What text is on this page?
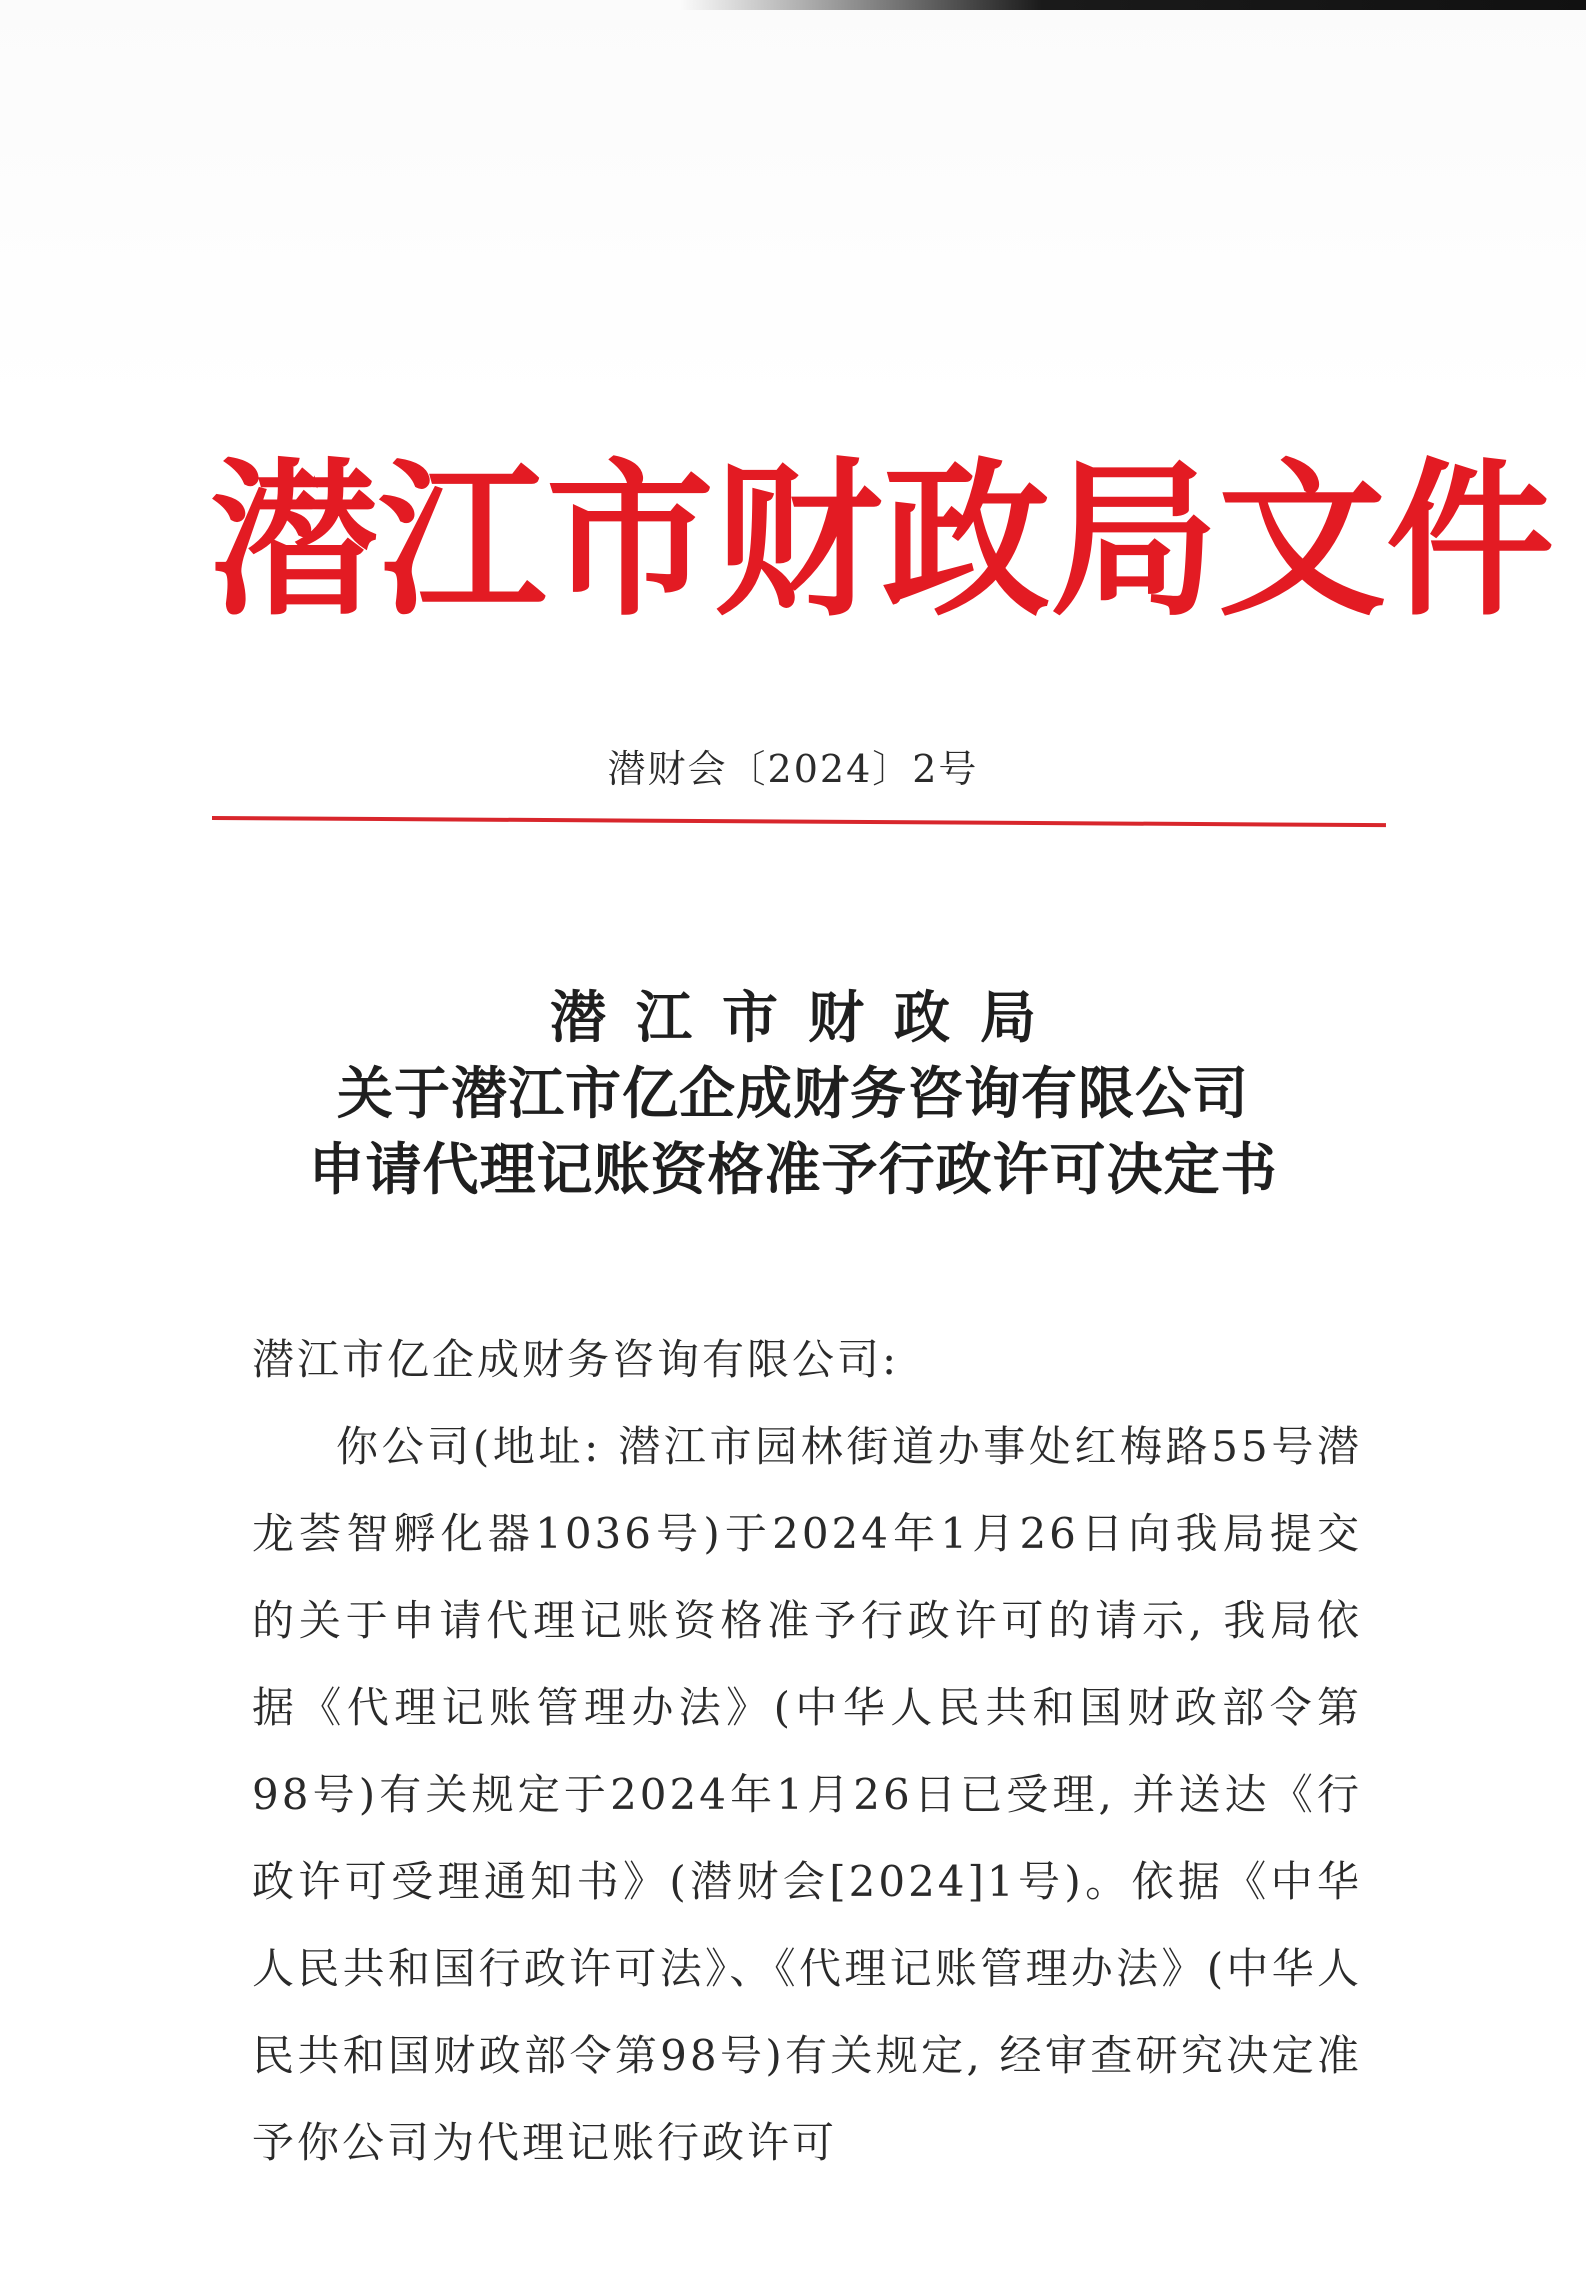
潜 江 市 财 政 局 文 件
潜财会〔2024〕2号
潜江市财政局
关于潜江市亿企成财务咨询有限公司
申请代理记账资格准予行政许可决定书

潜江市亿企成财务咨询有限公司:

你公司(地址: 潜江市园林街道办事处红梅路55号潜龙荟智孵化器1036号)于2024年1月26日向我局提交的关于申请代理记账资格准予行政许可的请示, 我局依据《代理记账管理办法》(中华人民共和国财政部令第98号)有关规定于2024年1月26日已受理, 并送达《行政许可受理通知书》(潜财会[2024]1号)。依据《中华人民共和国行政许可法》、《代理记账管理办法》(中华人民共和国财政部令第98号)有关规定, 经审查研究决定准予你公司为代理记账行政许可
